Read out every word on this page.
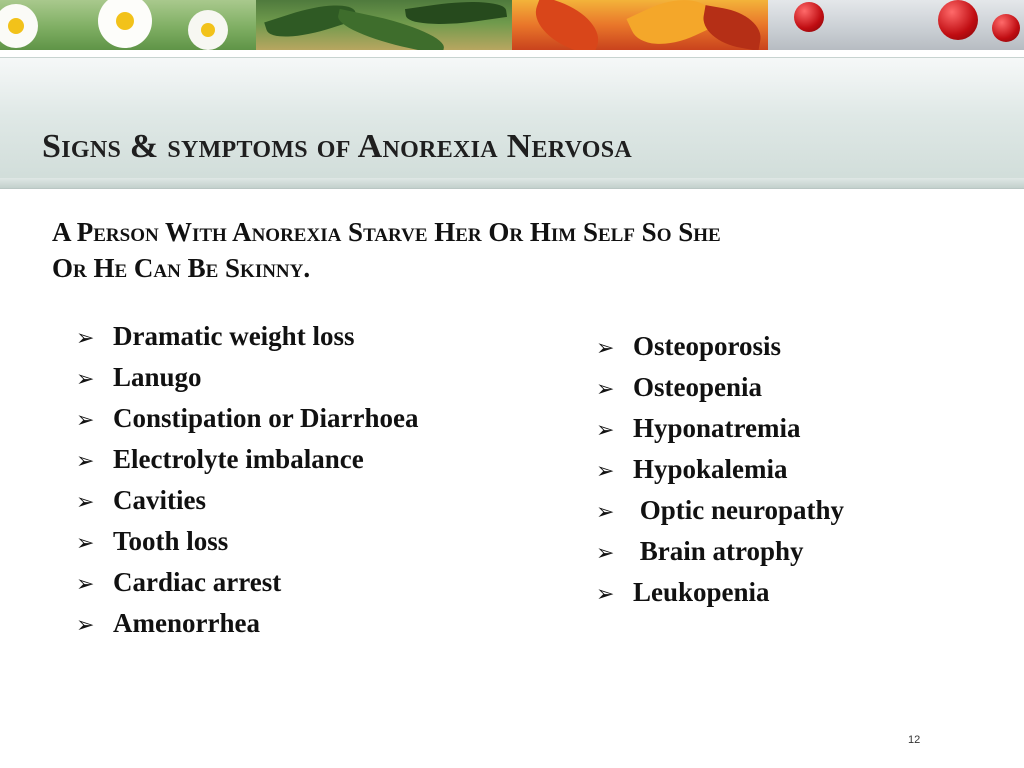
Signs & symptoms of Anorexia Nervosa

A Person With Anorexia Starve Her Or Him Self So She
Or He Can Be Skinny.

➢ Dramatic weight loss
➢ Lanugo
➢ Constipation or Diarrhoea
➢ Electrolyte imbalance
➢ Cavities
➢ Tooth loss
➢ Cardiac arrest
➢ Amenorrhea
➢ Osteoporosis
➢ Osteopenia
➢ Hyponatremia
➢ Hypokalemia
➢ Optic neuropathy
➢ Brain atrophy
➢ Leukopenia
12
